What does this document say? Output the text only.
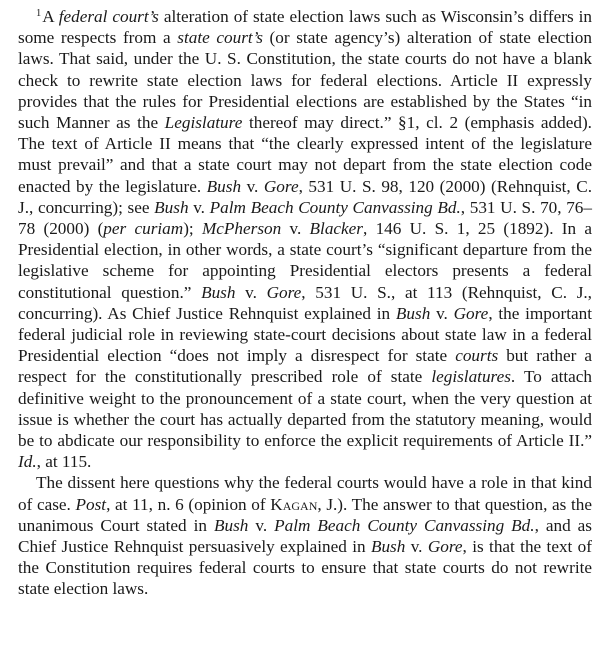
$^1$A federal court’s alteration of state election laws such as Wisconsin’s differs in some respects from a state court’s (or state agency’s) alteration of state election laws. That said, under the U. S. Constitution, the state courts do not have a blank check to rewrite state election laws for federal elections. Article II expressly provides that the rules for Presidential elections are established by the States “in such Manner as the Legislature thereof may direct.” §1, cl. 2 (emphasis added). The text of Article II means that “the clearly expressed intent of the legislature must prevail” and that a state court may not depart from the state election code enacted by the legislature. Bush v. Gore, 531 U. S. 98, 120 (2000) (Rehnquist, C. J., concurring); see Bush v. Palm Beach County Canvassing Bd., 531 U. S. 70, 76–78 (2000) (per curiam); McPherson v. Blacker, 146 U. S. 1, 25 (1892). In a Presidential election, in other words, a state court’s “significant departure from the legislative scheme for appointing Presidential electors presents a federal constitutional question.” Bush v. Gore, 531 U. S., at 113 (Rehnquist, C. J., concurring). As Chief Justice Rehnquist explained in Bush v. Gore, the important federal judicial role in reviewing state-court decisions about state law in a federal Presidential election “does not imply a disrespect for state courts but rather a respect for the constitutionally prescribed role of state legislatures. To attach definitive weight to the pronouncement of a state court, when the very question at issue is whether the court has actually departed from the statutory meaning, would be to abdicate our responsibility to enforce the explicit requirements of Article II.” Id., at 115.

The dissent here questions why the federal courts would have a role in that kind of case. Post, at 11, n. 6 (opinion of Kagan, J.). The answer to that question, as the unanimous Court stated in Bush v. Palm Beach County Canvassing Bd., and as Chief Justice Rehnquist persuasively explained in Bush v. Gore, is that the text of the Constitution requires federal courts to ensure that state courts do not rewrite state election laws.
